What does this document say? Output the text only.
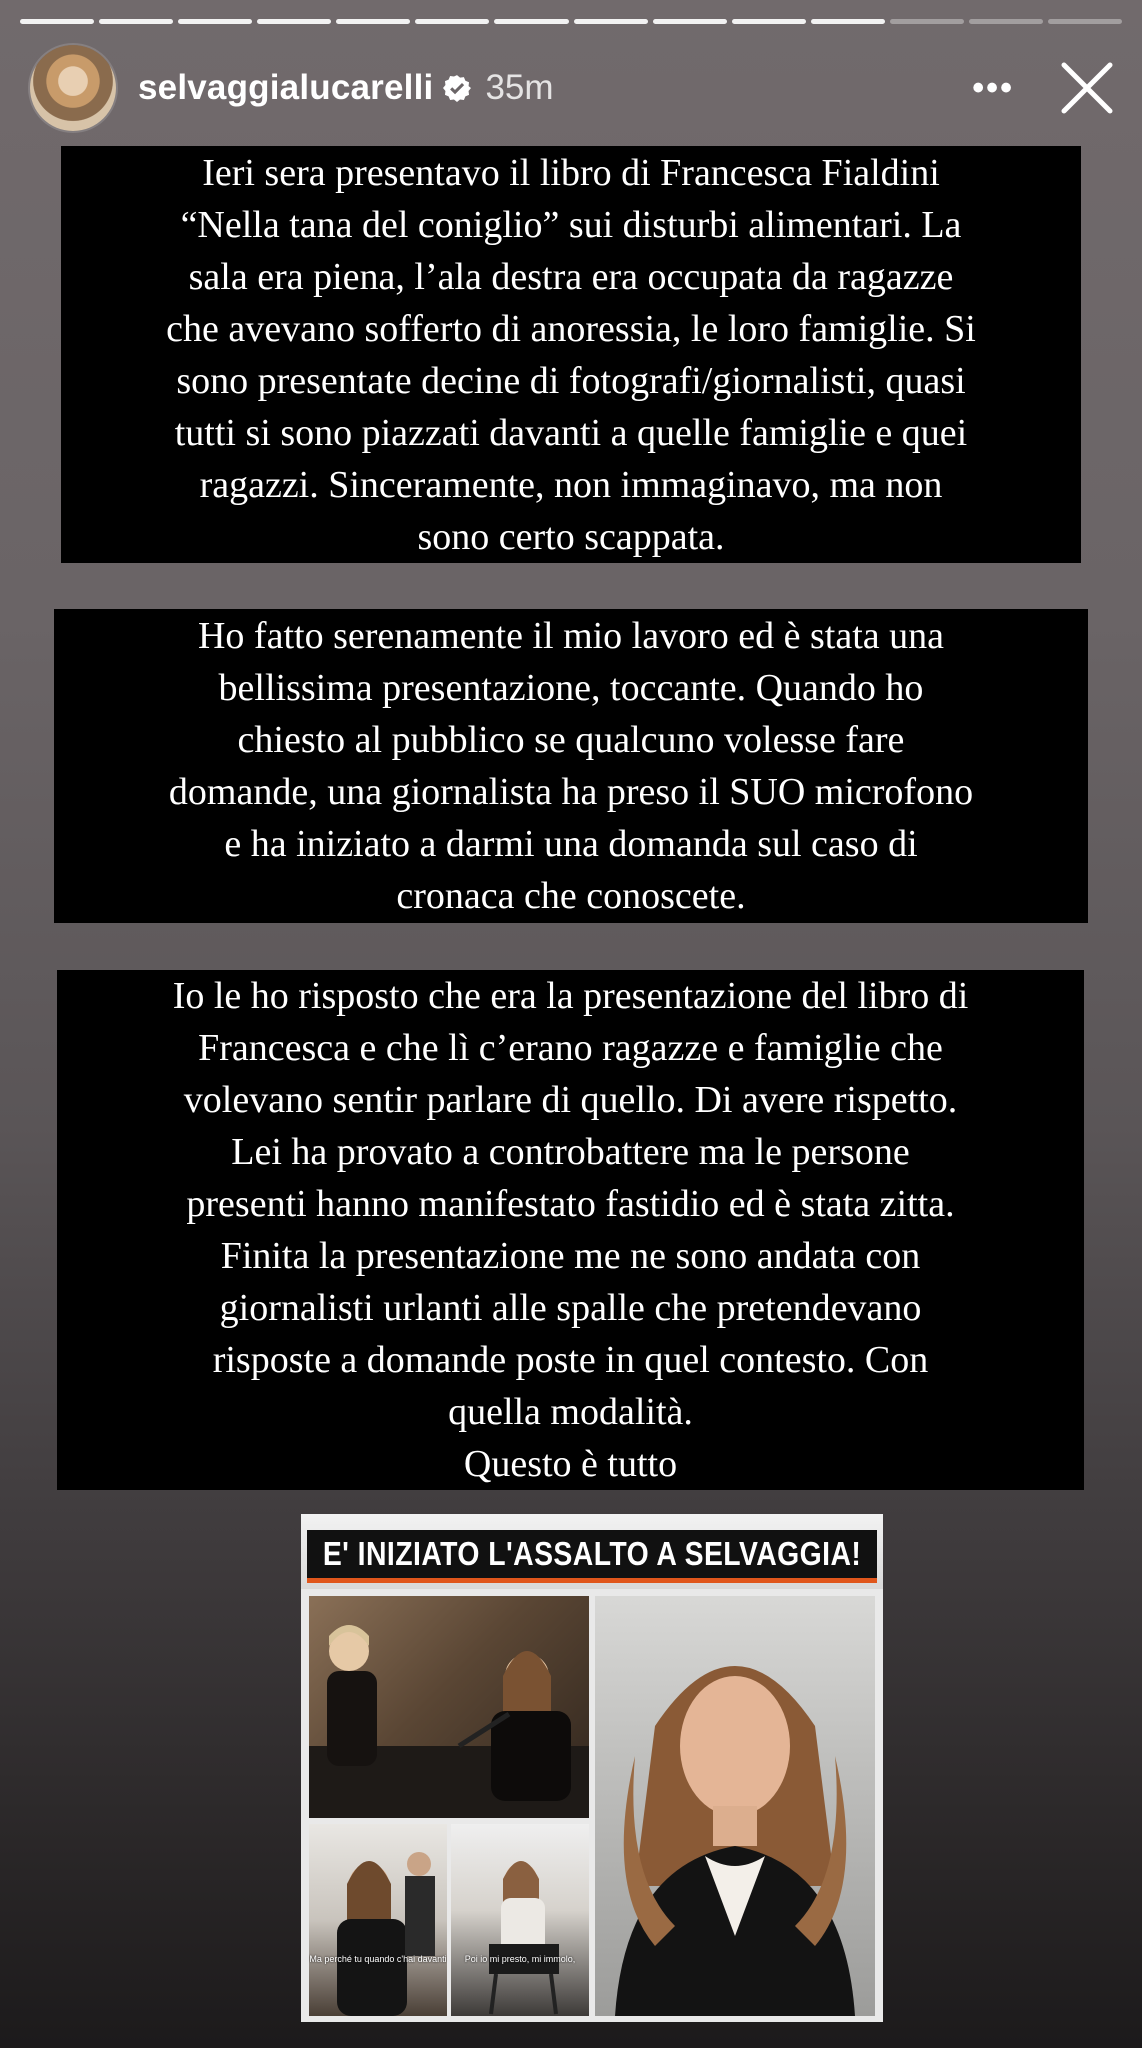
selvaggialucarelli 35m	•••
Ieri sera presentavo il libro di Francesca Fialdini
“Nella tana del coniglio” sui disturbi alimentari. La
sala era piena, l’ala destra era occupata da ragazze
che avevano sofferto di anoressia, le loro famiglie. Si
sono presentate decine di fotografi/giornalisti, quasi
tutti si sono piazzati davanti a quelle famiglie e quei
ragazzi. Sinceramente, non immaginavo, ma non
sono certo scappata.
Ho fatto serenamente il mio lavoro ed è stata una
bellissima presentazione, toccante. Quando ho
chiesto al pubblico se qualcuno volesse fare
domande, una giornalista ha preso il SUO microfono
e ha iniziato a darmi una domanda sul caso di
cronaca che conoscete.
Io le ho risposto che era la presentazione del libro di
Francesca e che lì c’erano ragazze e famiglie che
volevano sentir parlare di quello. Di avere rispetto.
Lei ha provato a controbattere ma le persone
presenti hanno manifestato fastidio ed è stata zitta.
Finita la presentazione me ne sono andata con
giornalisti urlanti alle spalle che pretendevano
risposte a domande poste in quel contesto. Con
quella modalità.
Questo è tutto
E' INIZIATO L'ASSALTO A SELVAGGIA!
Ma perché tu quando c'hai davanti	Poi io mi presto, mi immolo,
